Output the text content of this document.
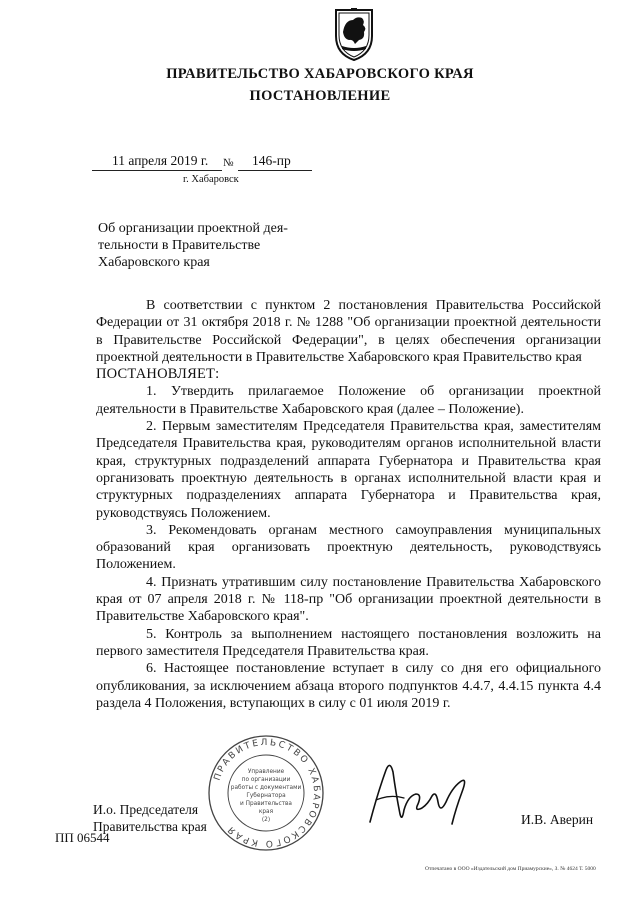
ПРАВИТЕЛЬСТВО ХАБАРОВСКОГО КРАЯ
ПОСТАНОВЛЕНИЕ
11 апреля 2019 г. № 146-пр
г. Хабаровск
Об организации проектной дея- тельности в Правительстве Хабаровского края

В соответствии с пунктом 2 постановления Правительства Российской Федерации от 31 октября 2018 г. № 1288 "Об организации проектной деятельности в Правительстве Российской Федерации", в целях обеспечения организации проектной деятельности в Правительстве Хабаровского края Правительство края

ПОСТАНОВЛЯЕТ:

1. Утвердить прилагаемое Положение об организации проектной деятельности в Правительстве Хабаровского края (далее – Положение).

2. Первым заместителям Председателя Правительства края, заместителям Председателя Правительства края, руководителям органов исполнительной власти края, структурных подразделений аппарата Губернатора и Правительства края организовать проектную деятельность в органах исполнительной власти края и структурных подразделениях аппарата Губернатора и Правительства края, руководствуясь Положением.

3. Рекомендовать органам местного самоуправления муниципальных образований края организовать проектную деятельность, руководствуясь Положением.

4. Признать утратившим силу постановление Правительства Хабаровского края от 07 апреля 2018 г. № 118-пр "Об организации проектной деятельности в Правительстве Хабаровского края".

5. Контроль за выполнением настоящего постановления возложить на первого заместителя Председателя Правительства края.

6. Настоящее постановление вступает в силу со дня его официального опубликования, за исключением абзаца второго подпунктов 4.4.7, 4.4.15 пункта 4.4 раздела 4 Положения, вступающих в силу с 01 июля 2019 г.

ПРАВИТЕЛЬСТВО ХАБАРОВСКОГО КРАЯ
Управление
по организации
работы с документами
Губернатора
и Правительства
края
(2)
И.о. Председателя
Правительства края	И.В. Аверин
ПП 06544
Отпечатано в ООО «Издательский дом Приамурские», З. № 4624 Т. 5000
